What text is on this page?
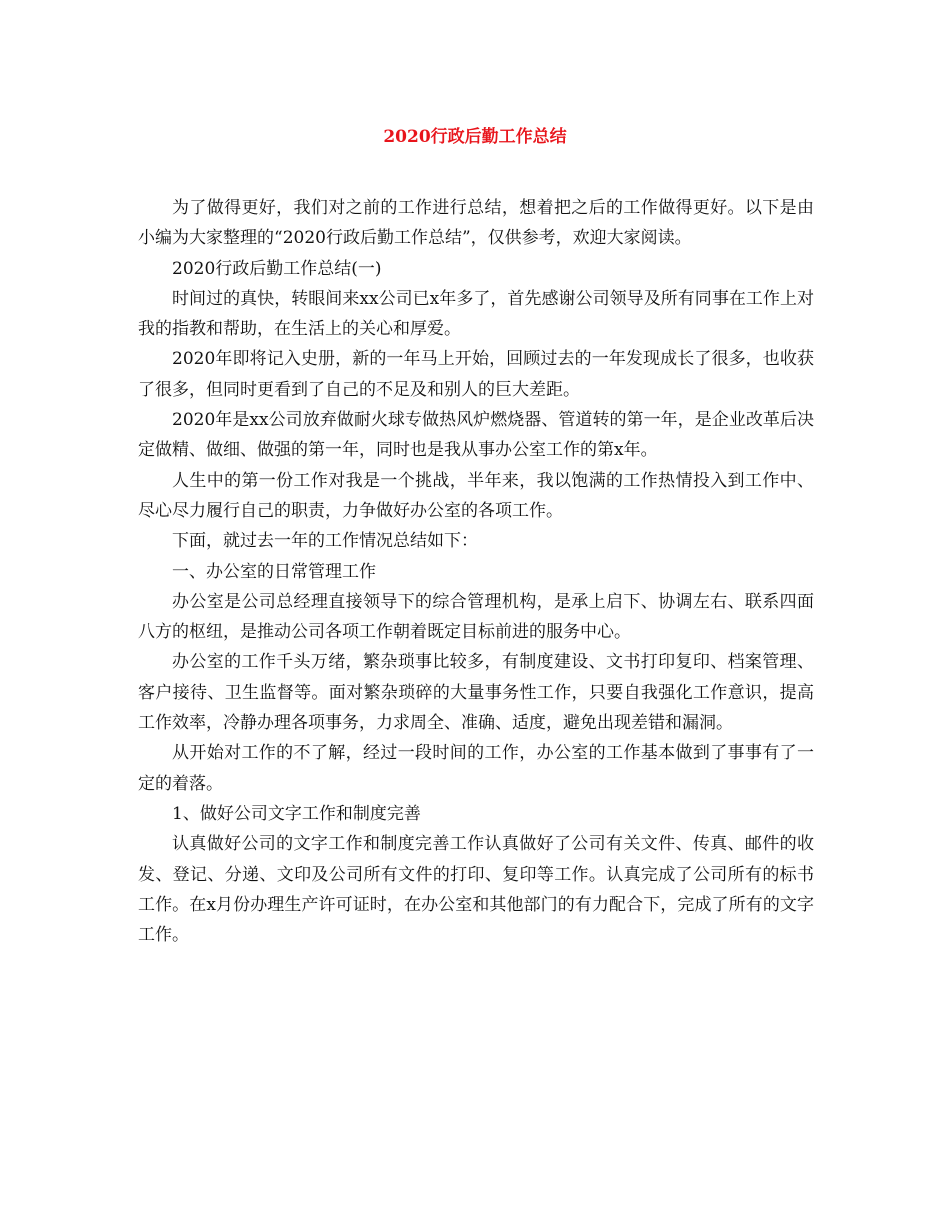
2020行政后勤工作总结

为了做得更好，我们对之前的工作进行总结，想着把之后的工作做得更好。以下是由小编为大家整理的“2020行政后勤工作总结”，仅供参考，欢迎大家阅读。

2020行政后勤工作总结(一)

时间过的真快，转眼间来xx公司已x年多了，首先感谢公司领导及所有同事在工作上对我的指教和帮助，在生活上的关心和厚爱。

2020年即将记入史册，新的一年马上开始，回顾过去的一年发现成长了很多，也收获了很多，但同时更看到了自己的不足及和别人的巨大差距。

2020年是xx公司放弃做耐火球专做热风炉燃烧器、管道转的第一年，是企业改革后决定做精、做细、做强的第一年，同时也是我从事办公室工作的第x年。

人生中的第一份工作对我是一个挑战，半年来，我以饱满的工作热情投入到工作中、尽心尽力履行自己的职责，力争做好办公室的各项工作。

下面，就过去一年的工作情况总结如下：

一、办公室的日常管理工作

办公室是公司总经理直接领导下的综合管理机构，是承上启下、协调左右、联系四面八方的枢纽，是推动公司各项工作朝着既定目标前进的服务中心。

办公室的工作千头万绪，繁杂琐事比较多，有制度建设、文书打印复印、档案管理、客户接待、卫生监督等。面对繁杂琐碎的大量事务性工作，只要自我强化工作意识，提高工作效率，冷静办理各项事务，力求周全、准确、适度，避免出现差错和漏洞。

从开始对工作的不了解，经过一段时间的工作，办公室的工作基本做到了事事有了一定的着落。

1、做好公司文字工作和制度完善

认真做好公司的文字工作和制度完善工作认真做好了公司有关文件、传真、邮件的收发、登记、分递、文印及公司所有文件的打印、复印等工作。认真完成了公司所有的标书工作。在x月份办理生产许可证时，在办公室和其他部门的有力配合下，完成了所有的文字工作。
